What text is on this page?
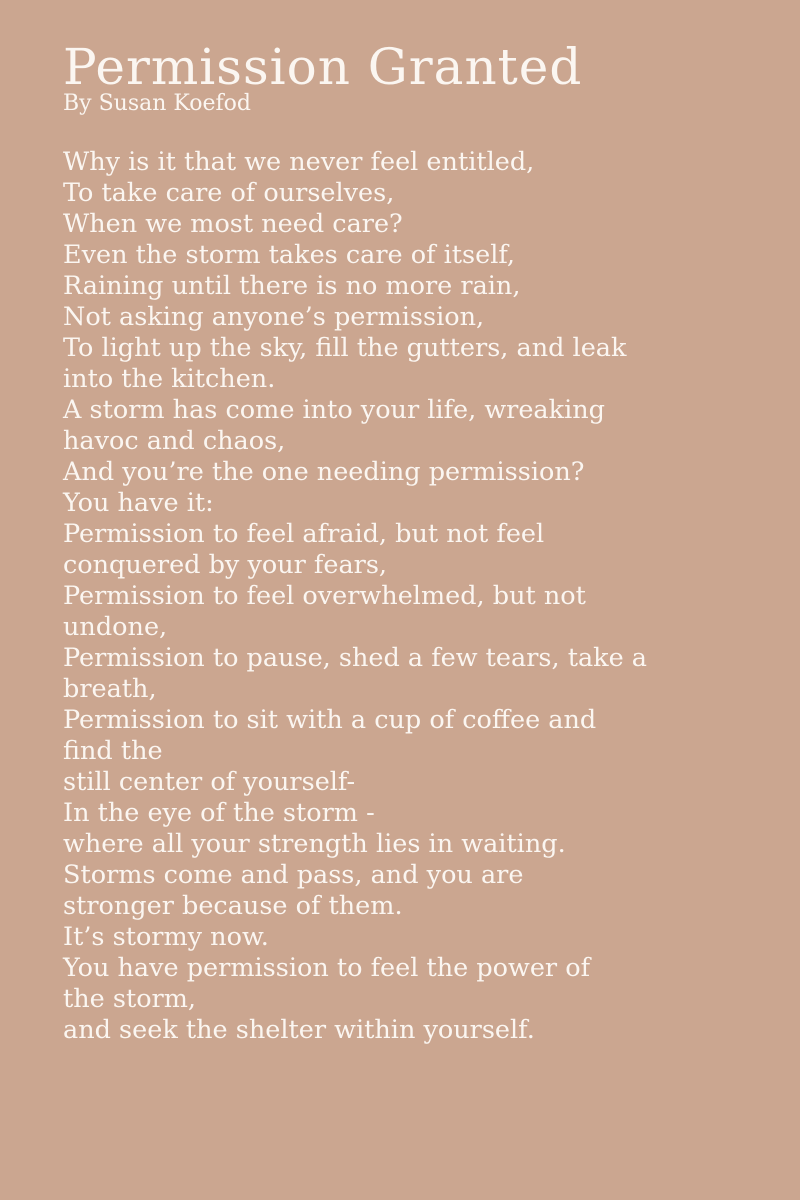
Permission Granted

By Susan Koefod

Why is it that we never feel entitled,
To take care of ourselves,
When we most need care?
Even the storm takes care of itself,
Raining until there is no more rain,
Not asking anyone’s permission,
To light up the sky, fill the gutters, and leak
into the kitchen.
A storm has come into your life, wreaking
havoc and chaos,
And you’re the one needing permission?
You have it:
Permission to feel afraid, but not feel
conquered by your fears,
Permission to feel overwhelmed, but not
undone,
Permission to pause, shed a few tears, take a
breath,
Permission to sit with a cup of coffee and
find the
still center of yourself-
In the eye of the storm -
where all your strength lies in waiting.
Storms come and pass, and you are
stronger because of them.
It’s stormy now.
You have permission to feel the power of
the storm,
and seek the shelter within yourself.
